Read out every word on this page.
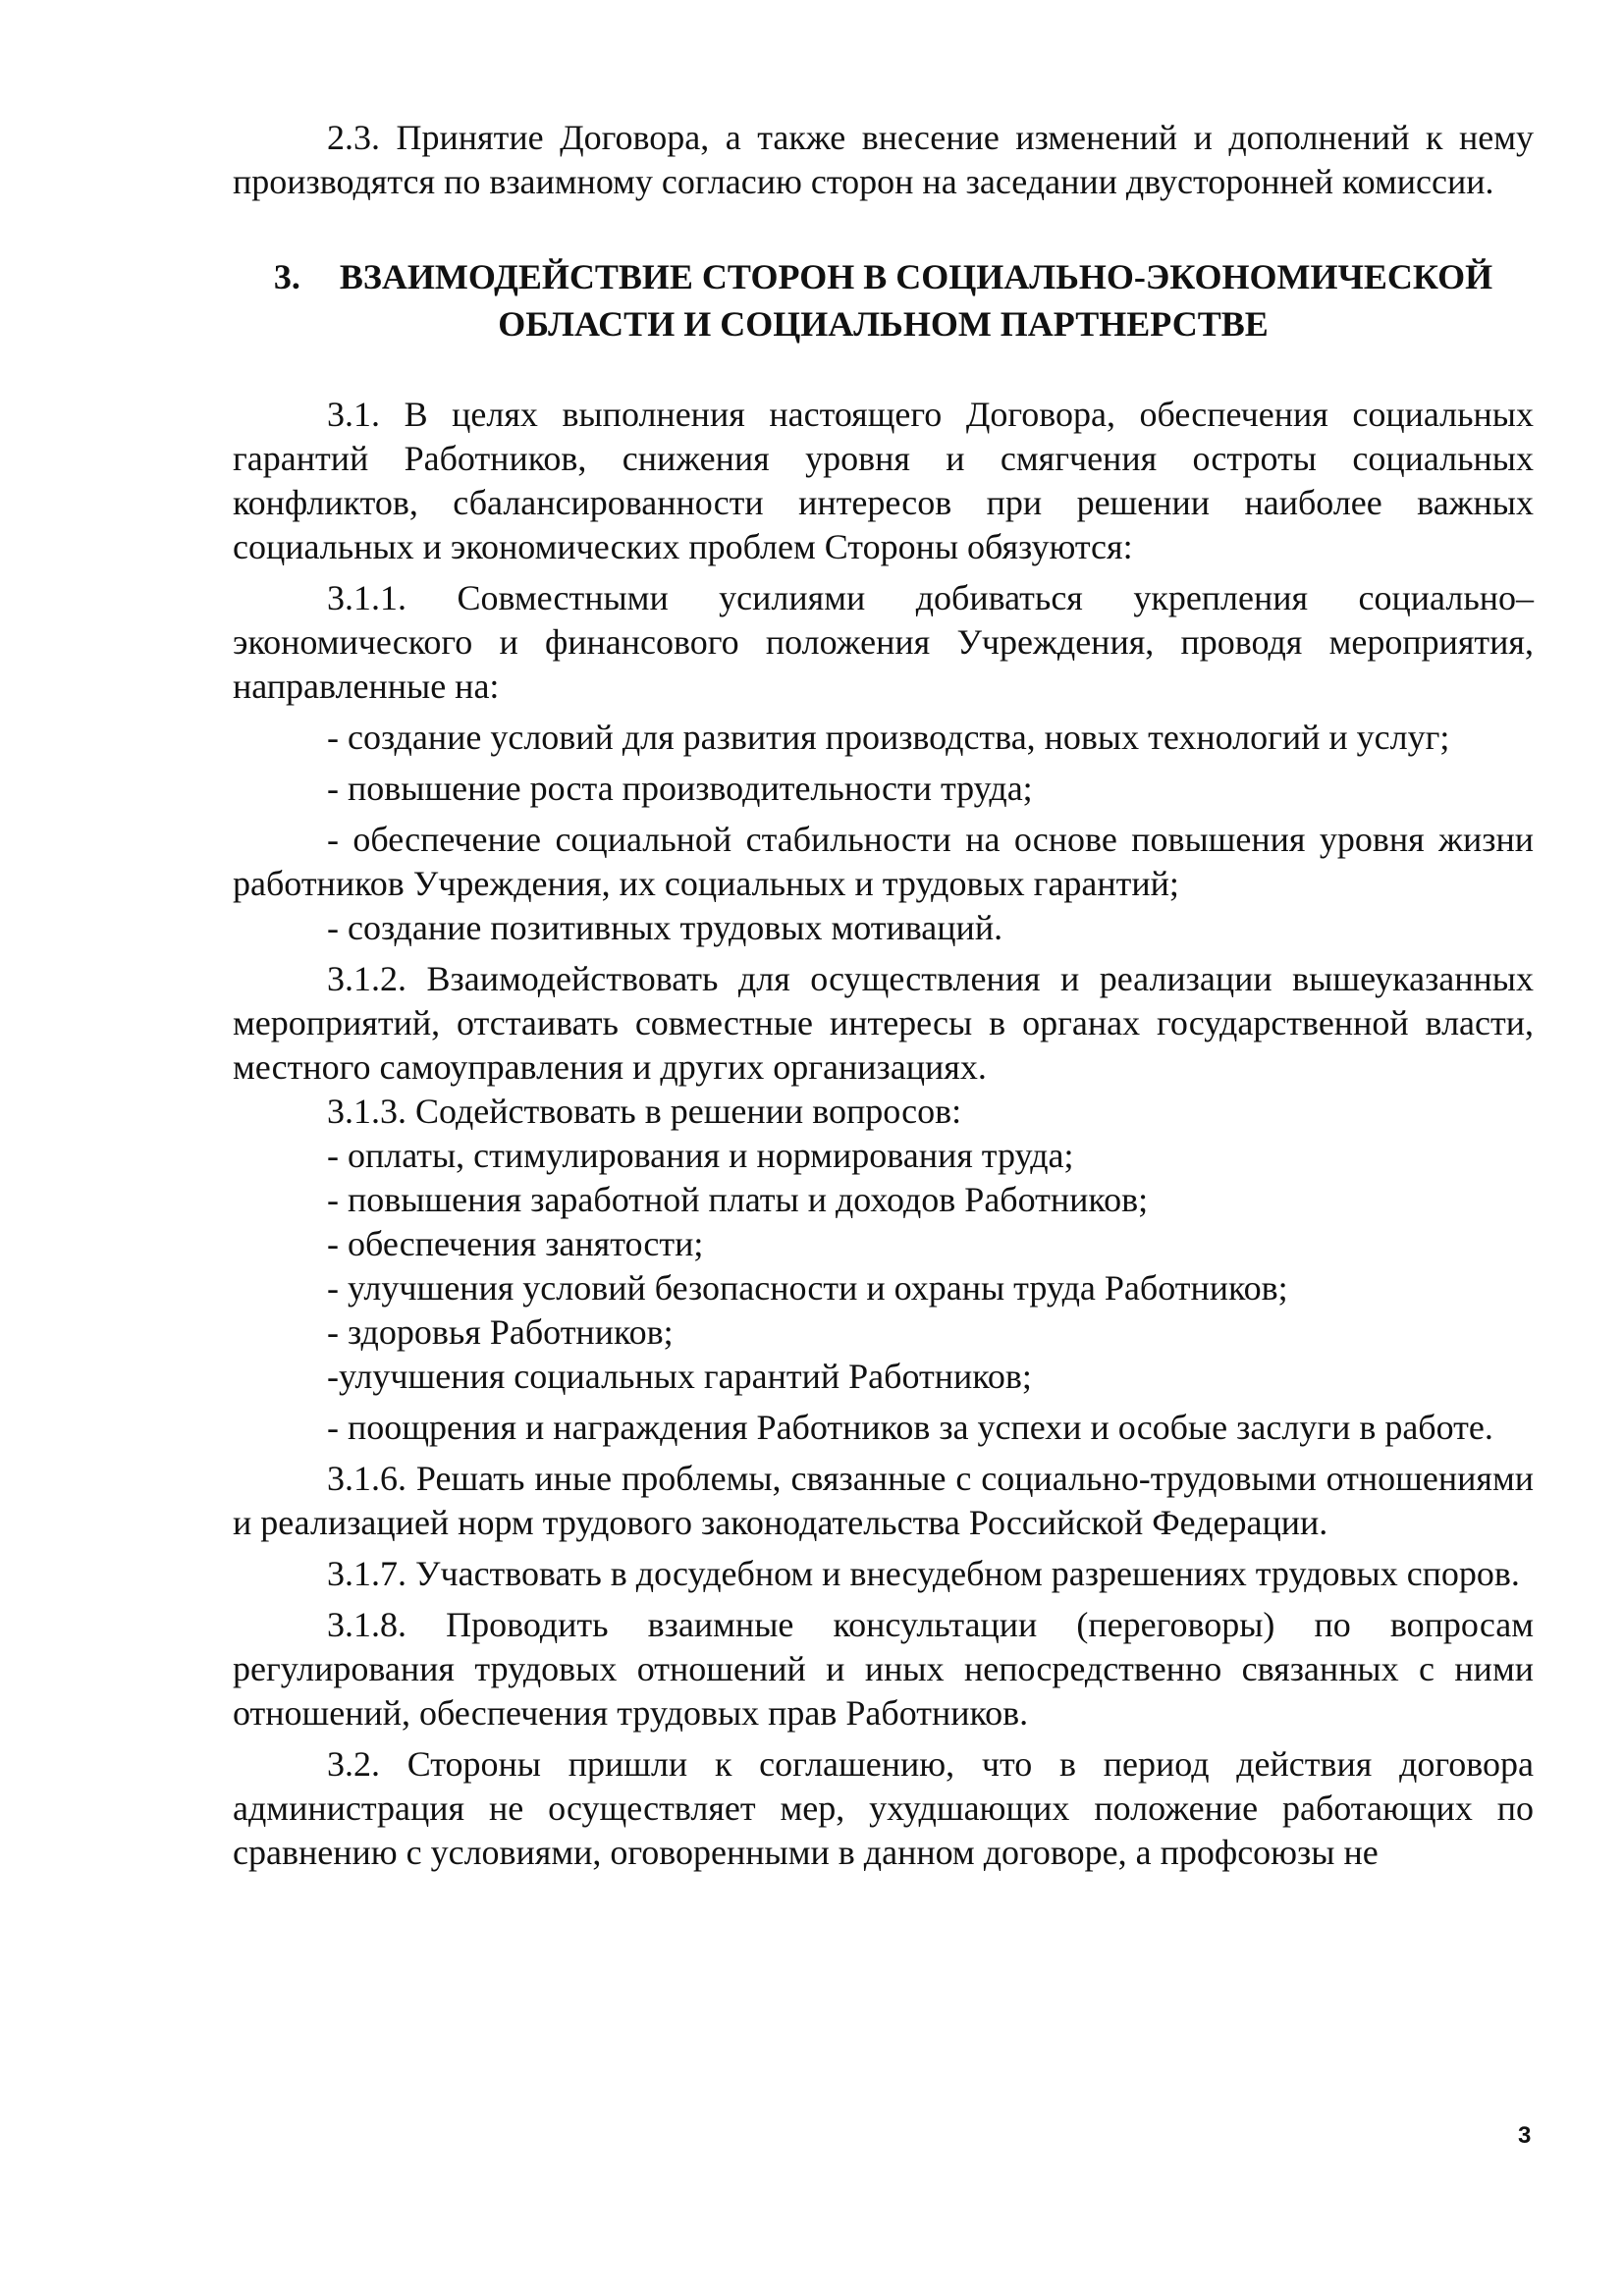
2.3. Принятие Договора, а также внесение изменений и дополнений к нему производятся по взаимному согласию сторон на заседании двусторонней комиссии.

3. ВЗАИМОДЕЙСТВИЕ СТОРОН В СОЦИАЛЬНО-ЭКОНОМИЧЕСКОЙ ОБЛАСТИ И СОЦИАЛЬНОМ ПАРТНЕРСТВЕ

3.1. В целях выполнения настоящего Договора, обеспечения социальных гарантий Работников, снижения уровня и смягчения остроты социальных конфликтов, сбалансированности интересов при решении наиболее важных социальных и экономических проблем Стороны обязуются:

3.1.1. Совместными усилиями добиваться укрепления социально–экономического и финансового положения Учреждения, проводя мероприятия, направленные на:

- создание условий для развития производства, новых технологий и услуг;

- повышение роста производительности труда;

- обеспечение социальной стабильности на основе повышения уровня жизни работников Учреждения, их социальных и трудовых гарантий;

- создание позитивных трудовых мотиваций.

3.1.2. Взаимодействовать для осуществления и реализации вышеуказанных мероприятий, отстаивать совместные интересы в органах государственной власти, местного самоуправления и других организациях.

3.1.3. Содействовать в решении вопросов:

- оплаты, стимулирования и нормирования труда;

- повышения заработной платы и доходов Работников;

- обеспечения занятости;

- улучшения условий безопасности и охраны труда Работников;

- здоровья Работников;

-улучшения социальных гарантий Работников;

- поощрения и награждения Работников за успехи и особые заслуги в работе.

3.1.6. Решать иные проблемы, связанные с социально-трудовыми отношениями и реализацией норм трудового законодательства Российской Федерации.

3.1.7. Участвовать в досудебном и внесудебном разрешениях трудовых споров.

3.1.8. Проводить взаимные консультации (переговоры) по вопросам регулирования трудовых отношений и иных непосредственно связанных с ними отношений, обеспечения трудовых прав Работников.

3.2. Стороны пришли к соглашению, что в период действия договора администрация не осуществляет мер, ухудшающих положение работающих по сравнению с условиями, оговоренными в данном договоре, а профсоюзы не

3
